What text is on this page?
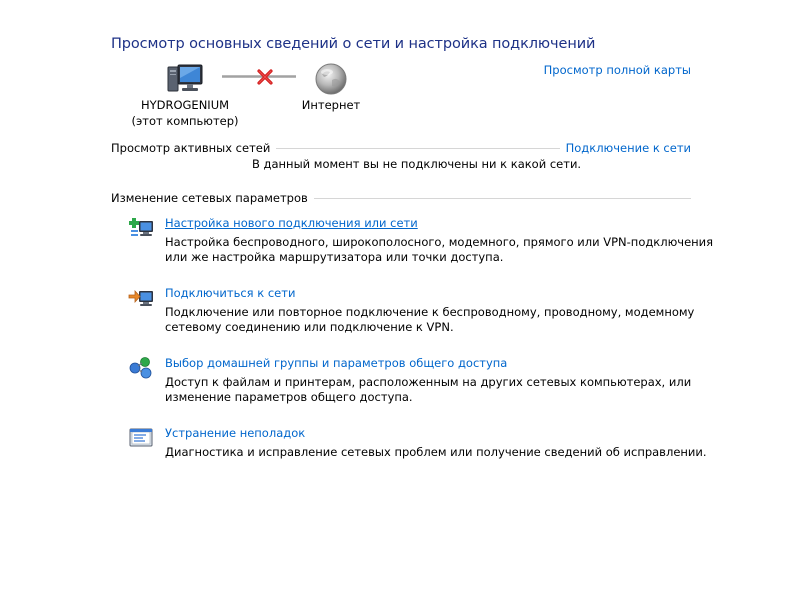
Просмотр основных сведений о сети и настройка подключений
Просмотр полной карты
HYDROGENIUM
(этот компьютер)
Интернет
Просмотр активных сетей	Подключение к сети
В данный момент вы не подключены ни к какой сети.
Изменение сетевых параметров
Настройка нового подключения или сети
Настройка беспроводного, широкополосного, модемного, прямого или VPN-подключения
или же настройка маршрутизатора или точки доступа.
Подключиться к сети
Подключение или повторное подключение к беспроводному, проводному, модемному
сетевому соединению или подключение к VPN.
Выбор домашней группы и параметров общего доступа
Доступ к файлам и принтерам, расположенным на других сетевых компьютерах, или
изменение параметров общего доступа.
Устранение неполадок
Диагностика и исправление сетевых проблем или получение сведений об исправлении.
